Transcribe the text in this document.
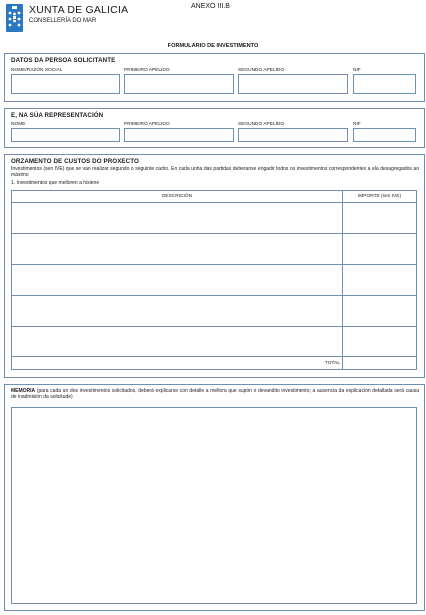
XUNTA DE GALICIA
CONSELLERÍA DO MAR
ANEXO III.B
FORMULARIO DE INVESTIMENTO
DATOS DA PERSOA SOLICITANTE
NOME/RAZÓN SOCIAL	PRIMEIRO APELIDO	SEGUNDO APELIDO	NIF
E, NA SÚA REPRESENTACIÓN
NOME	PRIMEIRO APELIDO	SEGUNDO APELIDO	NIF
ORZAMENTO DE CUSTOS DO PROXECTO
Investimentos (sen IVE) que se van realizar segundo o seguinte cadro. En cada unha das partidas deberanse engadir todos os investimentos correspondentes a ela desagregados ao máximo
1. Investimentos que melloren a hixiene
DESCRICIÓN	IMPORTE (sen IVE)

TOTAL	
MEMORIA (para cada un dos investimentos solicitados, deberá explicarse con detalle a mellora que supón o devandito investimento; a ausencia da explicación detallada será causa de inadmisión da solicitude)
